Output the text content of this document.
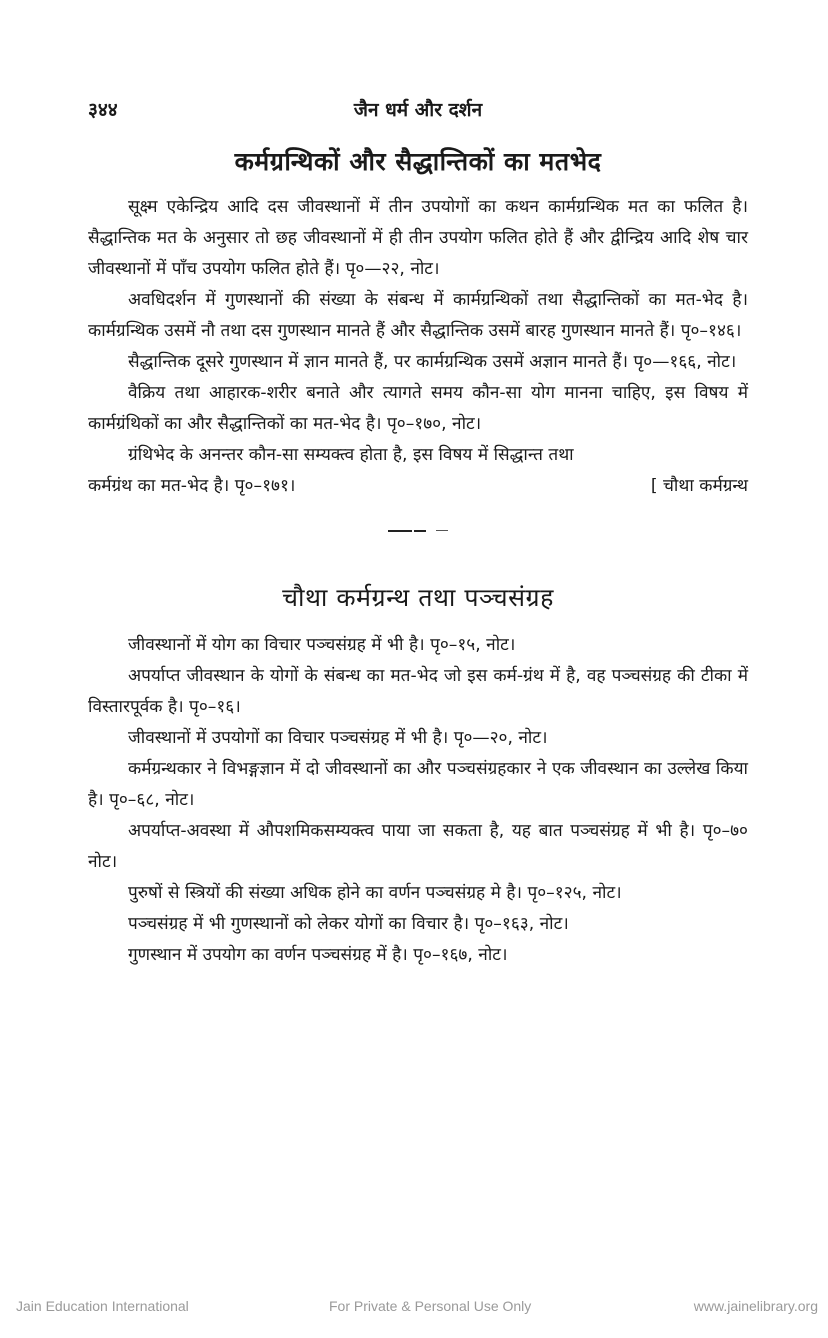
३४४	जैन धर्म और दर्शन
कर्मग्रन्थिकों और सैद्धान्तिकों का मतभेद

सूक्ष्म एकेन्द्रिय आदि दस जीवस्थानों में तीन उपयोगों का कथन कार्मग्रन्थिक मत का फलित है। सैद्धान्तिक मत के अनुसार तो छह जीवस्थानों में ही तीन उपयोग फलित होते हैं और द्वीन्द्रिय आदि शेष चार जीवस्थानों में पाँच उपयोग फलित होते हैं। पृ०—२२, नोट।

अवधिदर्शन में गुणस्थानों की संख्या के संबन्ध में कार्मग्रन्थिकों तथा सैद्धान्तिकों का मत-भेद है। कार्मग्रन्थिक उसमें नौ तथा दस गुणस्थान मानते हैं और सैद्धान्तिक उसमें बारह गुणस्थान मानते हैं। पृ०–१४६।

सैद्धान्तिक दूसरे गुणस्थान में ज्ञान मानते हैं, पर कार्मग्रन्थिक उसमें अज्ञान मानते हैं। पृ०—१६६, नोट।

वैक्रिय तथा आहारक-शरीर बनाते और त्यागते समय कौन-सा योग मानना चाहिए, इस विषय में कार्मग्रंथिकों का और सैद्धान्तिकों का मत-भेद है। पृ०–१७०, नोट।

ग्रंथिभेद के अनन्तर कौन-सा सम्यक्त्व होता है, इस विषय में सिद्धान्त तथा

कर्मग्रंथ का मत-भेद है। पृ०–१७१।	[ चौथा कर्मग्रन्थ
चौथा कर्मग्रन्थ तथा पञ्चसंग्रह

जीवस्थानों में योग का विचार पञ्चसंग्रह में भी है। पृ०–१५, नोट।

अपर्याप्त जीवस्थान के योगों के संबन्ध का मत-भेद जो इस कर्म-ग्रंथ में है, वह पञ्चसंग्रह की टीका में विस्तारपूर्वक है। पृ०–१६।

जीवस्थानों में उपयोगों का विचार पञ्चसंग्रह में भी है। पृ०—२०, नोट।

कर्मग्रन्थकार ने विभङ्गज्ञान में दो जीवस्थानों का और पञ्चसंग्रहकार ने एक जीवस्थान का उल्लेख किया है। पृ०–६८, नोट।

अपर्याप्त-अवस्था में औपशमिकसम्यक्त्व पाया जा सकता है, यह बात पञ्चसंग्रह में भी है। पृ०–७० नोट।

पुरुषों से स्त्रियों की संख्या अधिक होने का वर्णन पञ्चसंग्रह मे है। पृ०–१२५, नोट।

पञ्चसंग्रह में भी गुणस्थानों को लेकर योगों का विचार है। पृ०–१६३, नोट।

गुणस्थान में उपयोग का वर्णन पञ्चसंग्रह में है। पृ०–१६७, नोट।

Jain Education International	For Private & Personal Use Only	www.jainelibrary.org
